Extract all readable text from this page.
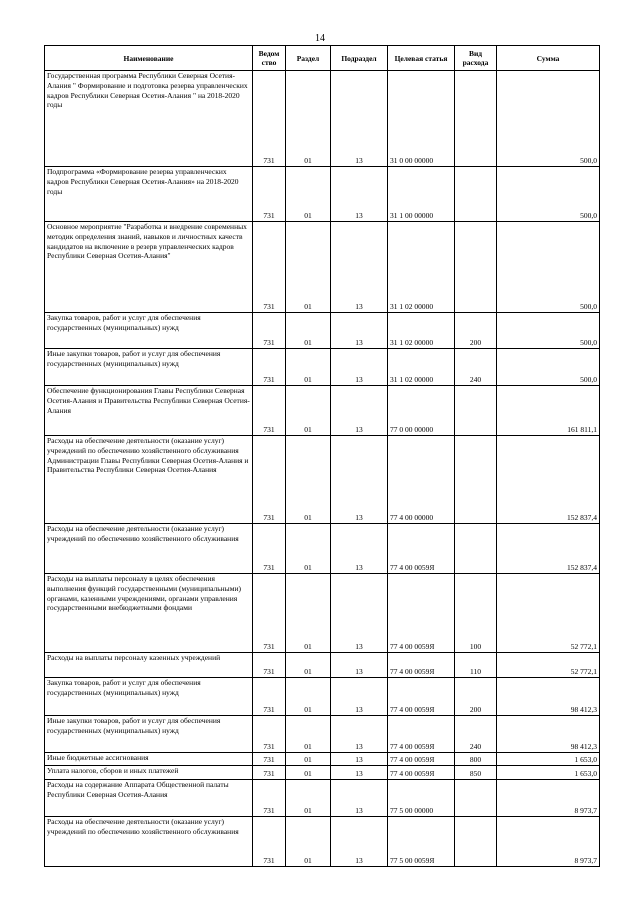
14
Наименование	Ведом ство	Раздел	Подраздел	Целевая статья	Вид расхода	Сумма
Государственная программа Республики Северная Осетия-Алания " Формирование и подготовка резерва управленческих кадров Республики Северная Осетия-Алания " на 2018-2020 годы	731	01	13	31 0 00 00000		500,0
Подпрограмма «Формирование резерва управленческих кадров Республики Северная Осетия-Алания» на 2018-2020 годы	731	01	13	31 1 00 00000		500,0
Основное мероприятие "Разработка и внедрение современных методик определения знаний, навыков и личностных качеств кандидатов на включение в резерв управленческих кадров Республики Северная Осетия-Алания"	731	01	13	31 1 02 00000		500,0
Закупка товаров, работ и услуг для обеспечения государственных (муниципальных) нужд	731	01	13	31 1 02 00000	200	500,0
Иные закупки товаров, работ и услуг для обеспечения государственных (муниципальных) нужд	731	01	13	31 1 02 00000	240	500,0
Обеспечение функционирования Главы Республики Северная Осетия-Алания и Правительства Республики Северная Осетия-Алания	731	01	13	77 0 00 00000		161 811,1
Расходы на обеспечение деятельности (оказание услуг) учреждений по обеспечению хозяйственного обслуживания Администрации Главы Республики Северная Осетия-Алания и Правительства Республики Северная Осетия-Алания	731	01	13	77 4 00 00000		152 837,4
Расходы на обеспечение деятельности (оказание услуг) учреждений по обеспечению хозяйственного обслуживания	731	01	13	77 4 00 0059Я		152 837,4
Расходы на выплаты персоналу в целях обеспечения выполнения функций государственными (муниципальными) органами, казенными учреждениями, органами управления государственными внебюджетными фондами	731	01	13	77 4 00 0059Я	100	52 772,1
Расходы на выплаты персоналу казенных учреждений	731	01	13	77 4 00 0059Я	110	52 772,1
Закупка товаров, работ и услуг для обеспечения государственных (муниципальных) нужд	731	01	13	77 4 00 0059Я	200	98 412,3
Иные закупки товаров, работ и услуг для обеспечения государственных (муниципальных) нужд	731	01	13	77 4 00 0059Я	240	98 412,3
Иные бюджетные ассигнования	731	01	13	77 4 00 0059Я	800	1 653,0
Уплата налогов, сборов и иных платежей	731	01	13	77 4 00 0059Я	850	1 653,0
Расходы на содержание Аппарата Общественной палаты Республики Северная Осетия-Алания	731	01	13	77 5 00 00000		8 973,7
Расходы на обеспечение деятельности (оказание услуг) учреждений по обеспечению хозяйственного обслуживания	731	01	13	77 5 00 0059Я		8 973,7
